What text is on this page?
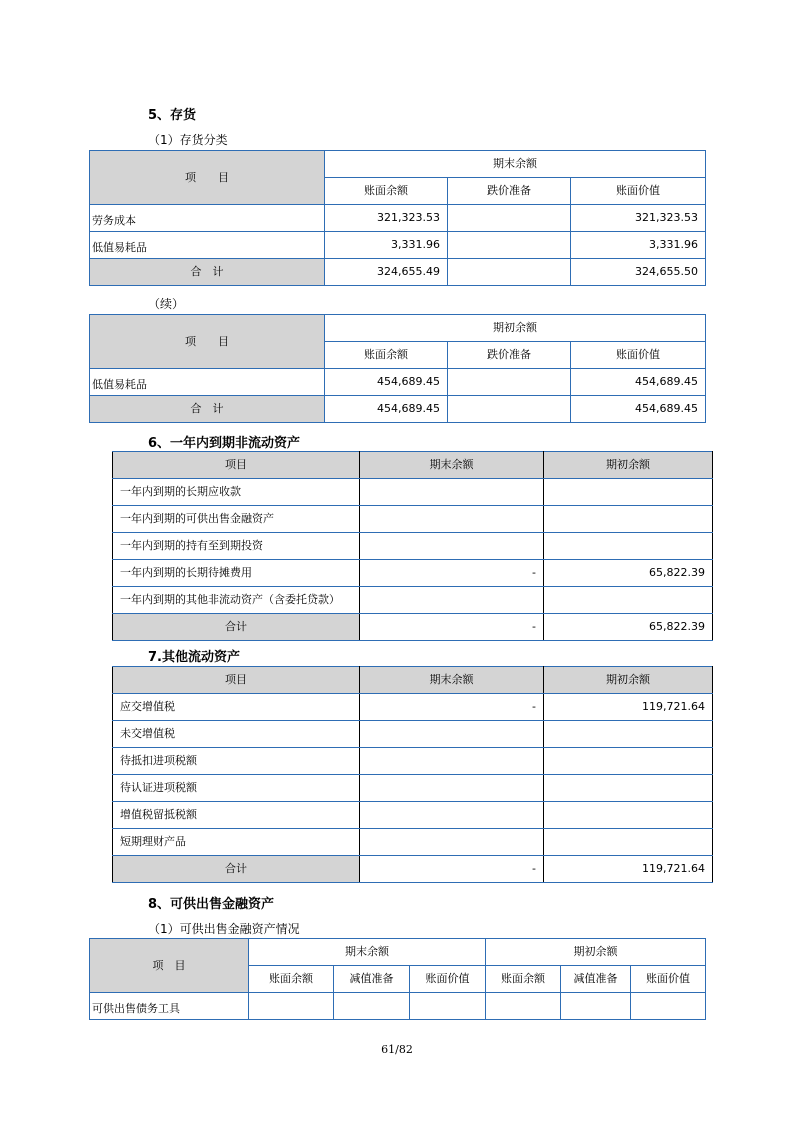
5、存货
（1）存货分类
项　　目	期末余额		
	账面余额	跌价准备	账面价值
劳务成本	321,323.53		321,323.53
低值易耗品	3,331.96		3,331.96
合　计	324,655.49		324,655.50
（续）
项　　目	期初余额		
	账面余额	跌价准备	账面价值
低值易耗品	454,689.45		454,689.45
合　计	454,689.45		454,689.45
6、一年内到期非流动资产
项目	期末余额	期初余额
一年内到期的长期应收款		
一年内到期的可供出售金融资产		
一年内到期的持有至到期投资		
一年内到期的长期待摊费用	-	65,822.39
一年内到期的其他非流动资产（含委托贷款）		
合计	-	65,822.39
7.其他流动资产
项目	期末余额	期初余额
应交增值税	-	119,721.64
未交增值税		
待抵扣进项税额		
待认证进项税额		
增值税留抵税额		
短期理财产品		
合计	-	119,721.64
8、可供出售金融资产
（1）可供出售金融资产情况
项　目	期末余额			期初余额		
	账面余额	减值准备	账面价值	账面余额	减值准备	账面价值
可供出售债务工具						
61/82
